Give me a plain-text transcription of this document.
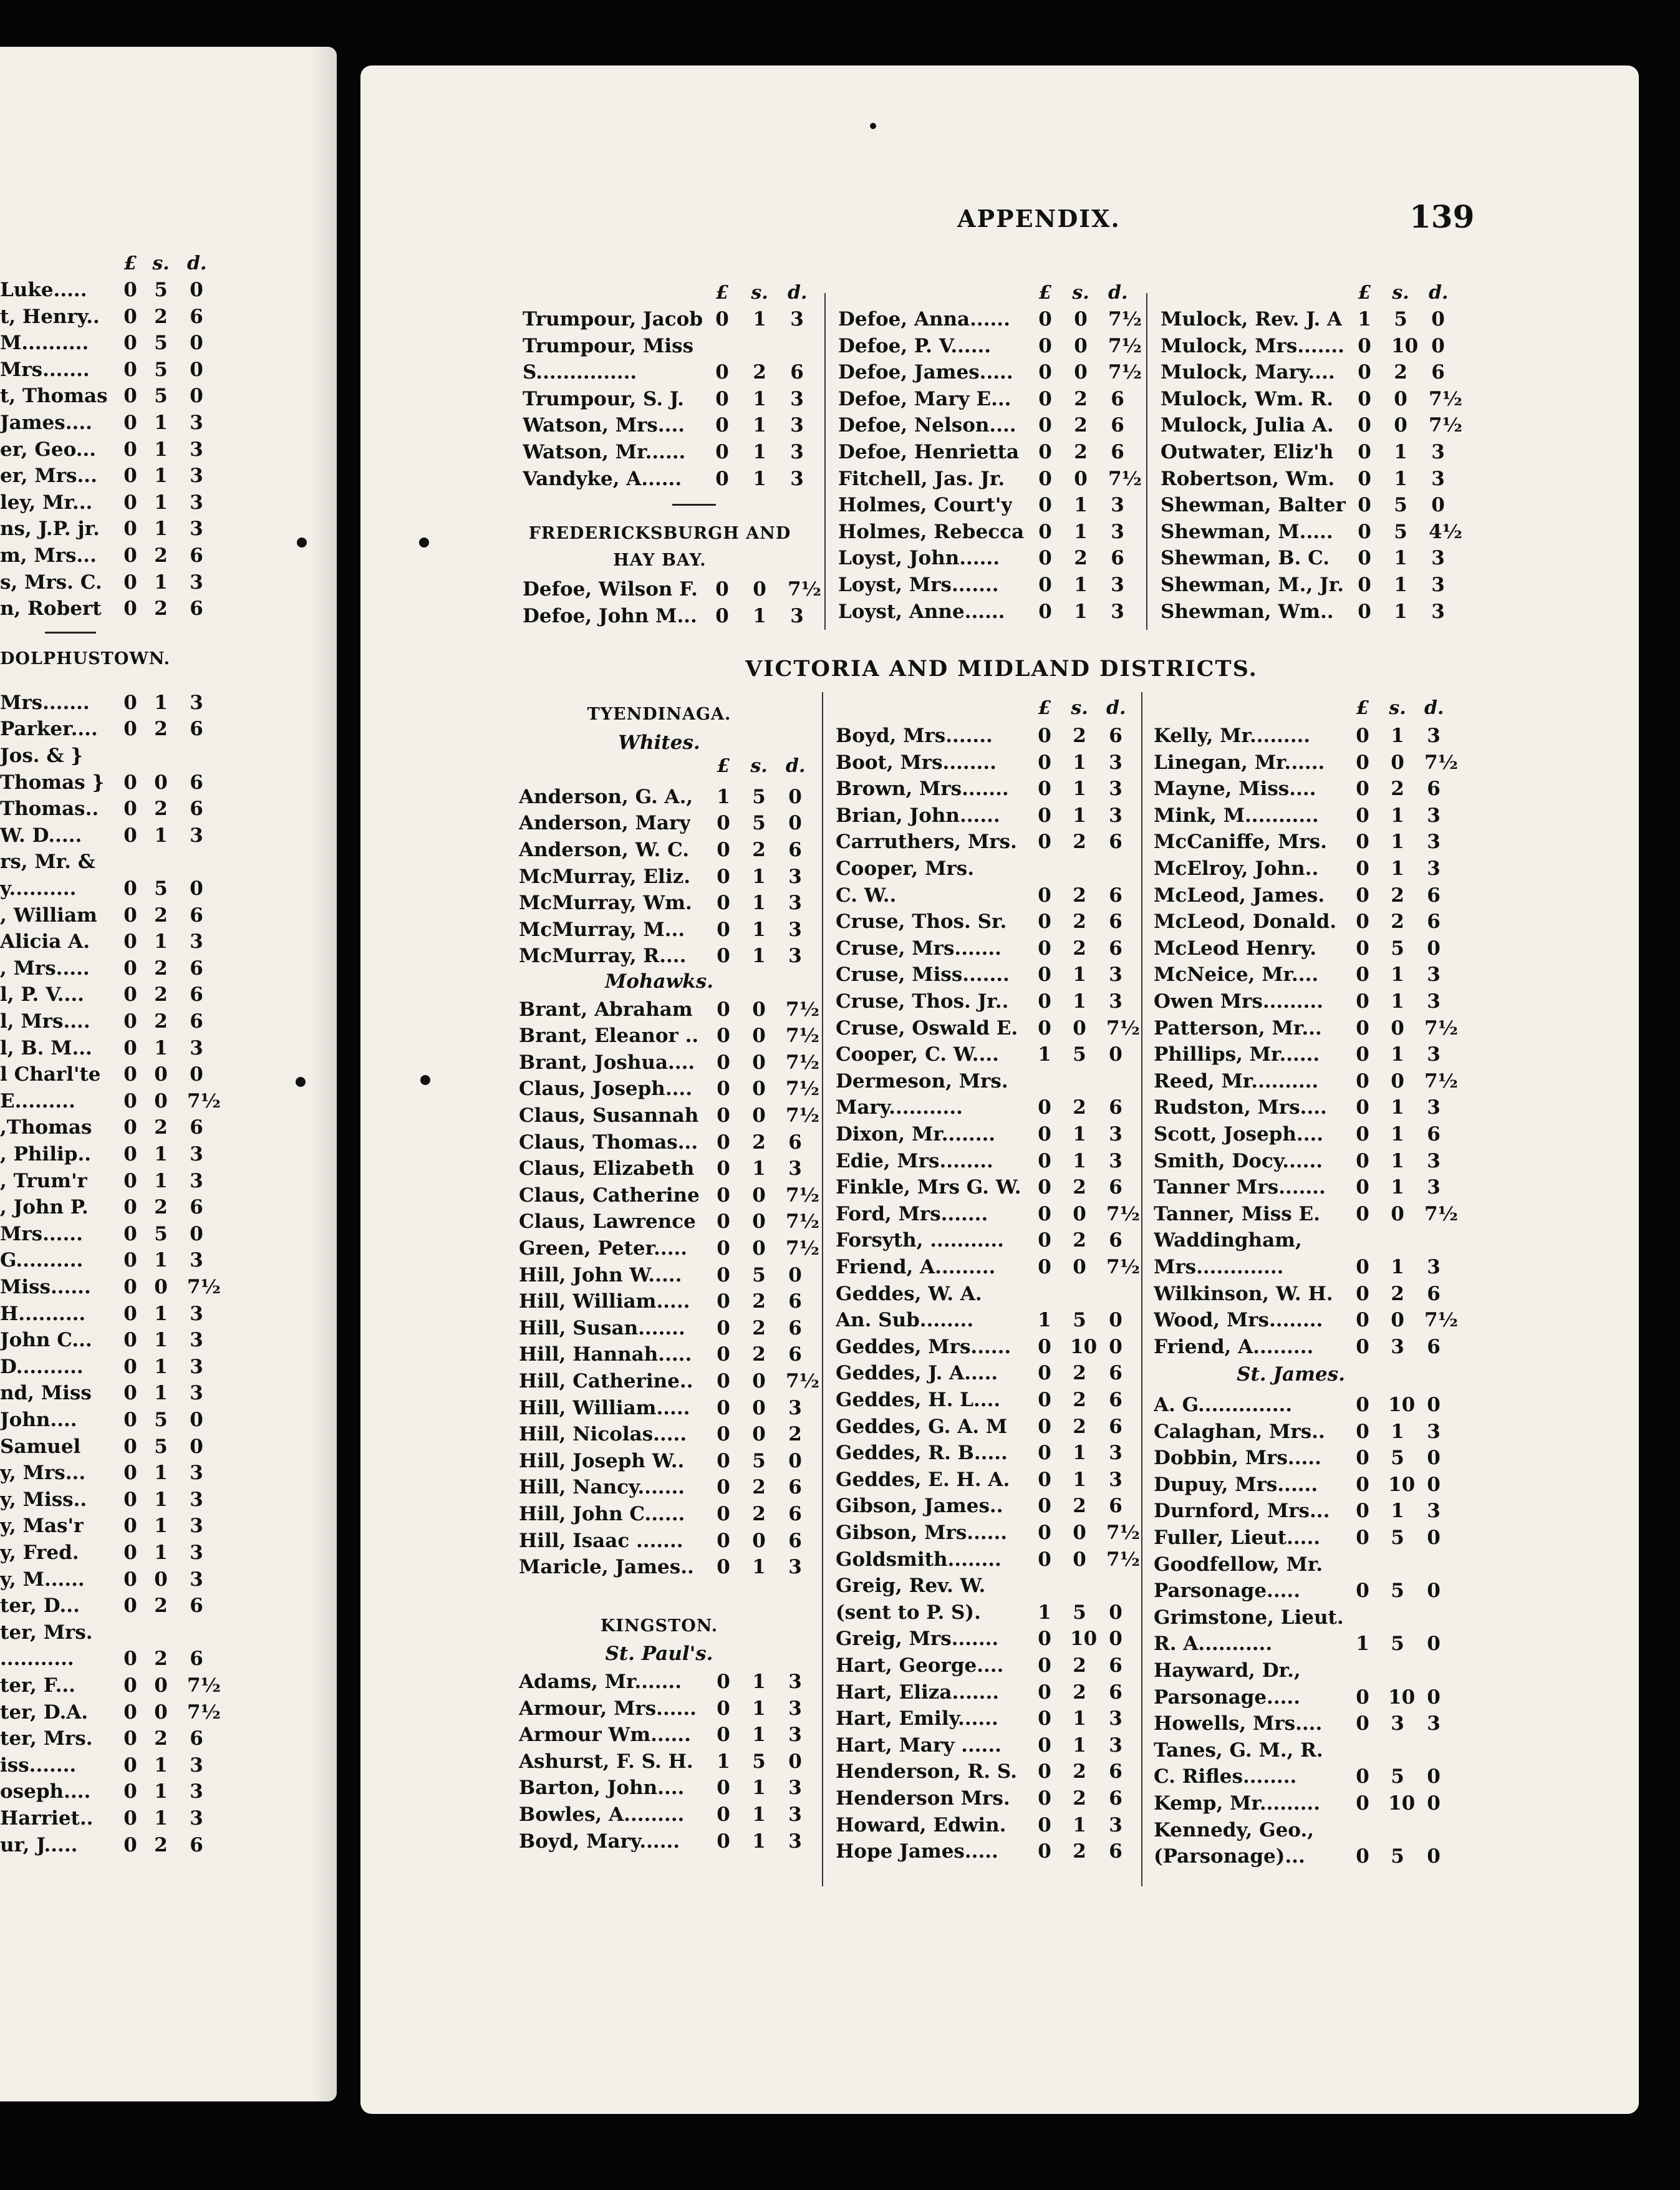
£ s. d.
Luke..... 0 5 0
t, Henry.. 0 2 6
M.......... 0 5 0
Mrs....... 0 5 0
t, Thomas 0 5 0
James.... 0 1 3
er, Geo... 0 1 3
er, Mrs... 0 1 3
ley, Mr... 0 1 3
ns, J.P. jr. 0 1 3
m, Mrs... 0 2 6
s, Mrs. C. 0 1 3
n, Robert 0 2 6
DOLPHUSTOWN.
Mrs....... 0 1 3
Parker.... 0 2 6
Jos. & }
Thomas } 0 0 6
Thomas.. 0 2 6
W. D..... 0 1 3
rs, Mr. &
y.......... 0 5 0
, William 0 2 6
Alicia A. 0 1 3
, Mrs..... 0 2 6
l, P. V.... 0 2 6
l, Mrs.... 0 2 6
l, B. M... 0 1 3
l Charl'te 0 0 0
E......... 0 0 7½
,Thomas 0 2 6
, Philip.. 0 1 3
, Trum'r 0 1 3
, John P. 0 2 6
Mrs...... 0 5 0
G.......... 0 1 3
Miss...... 0 0 7½
H.......... 0 1 3
John C... 0 1 3
D.......... 0 1 3
nd, Miss 0 1 3
John.... 0 5 0
Samuel 0 5 0
y, Mrs... 0 1 3
y, Miss.. 0 1 3
y, Mas'r 0 1 3
y, Fred. 0 1 3
y, M...... 0 0 3
ter, D... 0 2 6
ter, Mrs.
...........	0 2 6
ter, F... 0 0 7½
ter, D.A. 0 0 7½
ter, Mrs. 0 2 6
iss....... 0 1 3
oseph.... 0 1 3
Harriet.. 0 1 3
ur, J..... 0 2 6
APPENDIX.	139
£ s. d.	£ s. d.	£ s. d.
Trumpour, Jacob 0 1 3
Trumpour, Miss
S...............	0 2 6
Trumpour, S. J. 0 1 3
Watson, Mrs.... 0 1 3
Watson, Mr...... 0 1 3
Vandyke, A...... 0 1 3
FREDERICKSBURGH AND
HAY BAY.
Defoe, Wilson F. 0 0 7½
Defoe, John M... 0 1 3
Defoe, Anna...... 0 0 7½
Defoe, P. V...... 0 0 7½
Defoe, James..... 0 0 7½
Defoe, Mary E... 0 2 6
Defoe, Nelson.... 0 2 6
Defoe, Henrietta 0 2 6
Fitchell, Jas. Jr. 0 0 7½
Holmes, Court'y 0 1 3
Holmes, Rebecca 0 1 3
Loyst, John...... 0 2 6
Loyst, Mrs....... 0 1 3
Loyst, Anne...... 0 1 3
Mulock, Rev. J. A 1 5 0
Mulock, Mrs....... 0 10 0
Mulock, Mary.... 0 2 6
Mulock, Wm. R. 0 0 7½
Mulock, Julia A. 0 0 7½
Outwater, Eliz'h 0 1 3
Robertson, Wm. 0 1 3
Shewman, Balter 0 5 0
Shewman, M..... 0 5 4½
Shewman, B. C. 0 1 3
Shewman, M., Jr. 0 1 3
Shewman, Wm.. 0 1 3
VICTORIA AND MIDLAND DISTRICTS.
TYENDINAGA.
Whites.
£ s. d.
Anderson, G. A., 1 5 0
Anderson, Mary 0 5 0
Anderson, W. C. 0 2 6
McMurray, Eliz. 0 1 3
McMurray, Wm. 0 1 3
McMurray, M... 0 1 3
McMurray, R.... 0 1 3
Mohawks.
Brant, Abraham 0 0 7½
Brant, Eleanor .. 0 0 7½
Brant, Joshua.... 0 0 7½
Claus, Joseph.... 0 0 7½
Claus, Susannah 0 0 7½
Claus, Thomas... 0 2 6
Claus, Elizabeth 0 1 3
Claus, Catherine 0 0 7½
Claus, Lawrence 0 0 7½
Green, Peter..... 0 0 7½
Hill, John W..... 0 5 0
Hill, William..... 0 2 6
Hill, Susan....... 0 2 6
Hill, Hannah..... 0 2 6
Hill, Catherine.. 0 0 7½
Hill, William..... 0 0 3
Hill, Nicolas..... 0 0 2
Hill, Joseph W.. 0 5 0
Hill, Nancy....... 0 2 6
Hill, John C...... 0 2 6
Hill, Isaac ....... 0 0 6
Maricle, James.. 0 1 3
KINGSTON.
St. Paul's.
Adams, Mr....... 0 1 3
Armour, Mrs...... 0 1 3
Armour Wm...... 0 1 3
Ashurst, F. S. H. 1 5 0
Barton, John.... 0 1 3
Bowles, A......... 0 1 3
Boyd, Mary...... 0 1 3
£ s. d.	£ s. d.
Boyd, Mrs....... 0 2 6
Boot, Mrs........ 0 1 3
Brown, Mrs....... 0 1 3
Brian, John...... 0 1 3
Carruthers, Mrs. 0 2 6
Cooper, Mrs.
C. W..	0 2 6
Cruse, Thos. Sr. 0 2 6
Cruse, Mrs....... 0 2 6
Cruse, Miss....... 0 1 3
Cruse, Thos. Jr.. 0 1 3
Cruse, Oswald E. 0 0 7½
Cooper, C. W.... 1 5 0
Dermeson, Mrs.
Mary...........	0 2 6
Dixon, Mr........ 0 1 3
Edie, Mrs........ 0 1 3
Finkle, Mrs G. W. 0 2 6
Ford, Mrs.......	0 0 7½
Forsyth, ........... 0 2 6
Friend, A......... 0 0 7½
Geddes, W. A.
An. Sub........	1 5 0
Geddes, Mrs...... 0 10 0
Geddes, J. A..... 0 2 6
Geddes, H. L.... 0 2 6
Geddes, G. A. M 0 2 6
Geddes, R. B..... 0 1 3
Geddes, E. H. A. 0 1 3
Gibson, James.. 0 2 6
Gibson, Mrs...... 0 0 7½
Goldsmith........ 0 0 7½
Greig, Rev. W.
(sent to P. S).	1 5 0
Greig, Mrs....... 0 10 0
Hart, George.... 0 2 6
Hart, Eliza....... 0 2 6
Hart, Emily...... 0 1 3
Hart, Mary ...... 0 1 3
Henderson, R. S. 0 2 6
Henderson Mrs. 0 2 6
Howard, Edwin. 0 1 3
Hope James..... 0 2 6
Kelly, Mr......... 0 1 3
Linegan, Mr...... 0 0 7½
Mayne, Miss.... 0 2 6
Mink, M........... 0 1 3
McCaniffe, Mrs. 0 1 3
McElroy, John.. 0 1 3
McLeod, James. 0 2 6
McLeod, Donald. 0 2 6
McLeod Henry. 0 5 0
McNeice, Mr.... 0 1 3
Owen Mrs......... 0 1 3
Patterson, Mr... 0 0 7½
Phillips, Mr...... 0 1 3
Reed, Mr.......... 0 0 7½
Rudston, Mrs.... 0 1 3
Scott, Joseph.... 0 1 6
Smith, Docy...... 0 1 3
Tanner Mrs....... 0 1 3
Tanner, Miss E. 0 0 7½
Waddingham,
Mrs.............	0 1 3
Wilkinson, W. H. 0 2 6
Wood, Mrs........ 0 0 7½
Friend, A......... 0 3 6
St. James.
A. G..............	0 10 0
Calaghan, Mrs.. 0 1 3
Dobbin, Mrs..... 0 5 0
Dupuy, Mrs...... 0 10 0
Durnford, Mrs... 0 1 3
Fuller, Lieut..... 0 5 0
Goodfellow, Mr.
Parsonage.....	0 5 0
Grimstone, Lieut.
R. A...........	1 5 0
Hayward, Dr.,
Parsonage.....	0 10 0
Howells, Mrs.... 0 3 3
Tanes, G. M., R.
C. Rifles........	0 5 0
Kemp, Mr......... 0 10 0
Kennedy, Geo.,
(Parsonage)...	0 5 0
